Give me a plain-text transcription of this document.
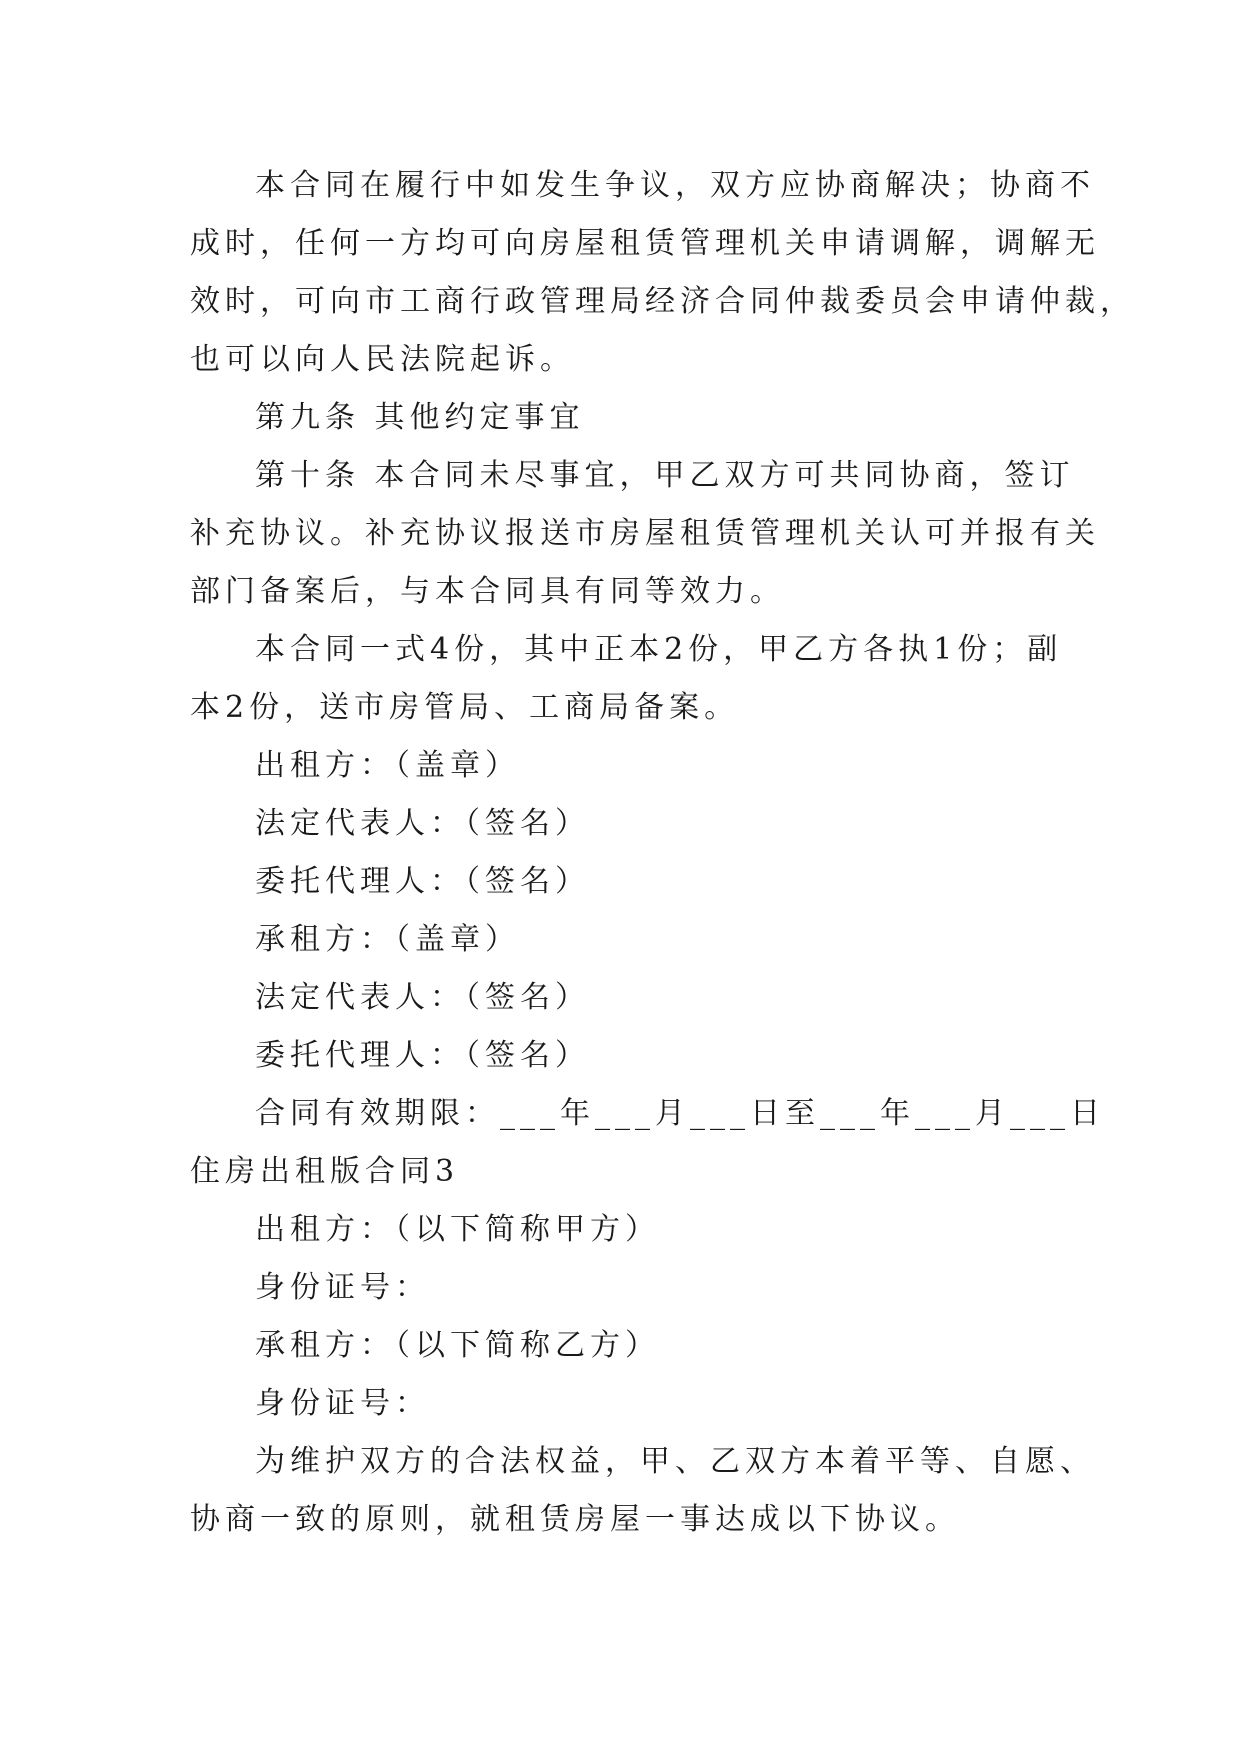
本合同在履行中如发生争议，双方应协商解决；协商不
成时，任何一方均可向房屋租赁管理机关申请调解，调解无
效时，可向市工商行政管理局经济合同仲裁委员会申请仲裁，
也可以向人民法院起诉。
第九条 其他约定事宜
第十条 本合同未尽事宜，甲乙双方可共同协商，签订
补充协议。补充协议报送市房屋租赁管理机关认可并报有关
部门备案后，与本合同具有同等效力。
本合同一式4份，其中正本2份，甲乙方各执1份；副
本2份，送市房管局、工商局备案。
出租方：（盖章）
法定代表人：（签名）
委托代理人：（签名）
承租方：（盖章）
法定代表人：（签名）
委托代理人：（签名）
合同有效期限：___年___月___日至___年___月___日
住房出租版合同3
出租方：（以下简称甲方）
身份证号：
承租方：（以下简称乙方）
身份证号：
为维护双方的合法权益，甲、乙双方本着平等、自愿、
协商一致的原则，就租赁房屋一事达成以下协议。
